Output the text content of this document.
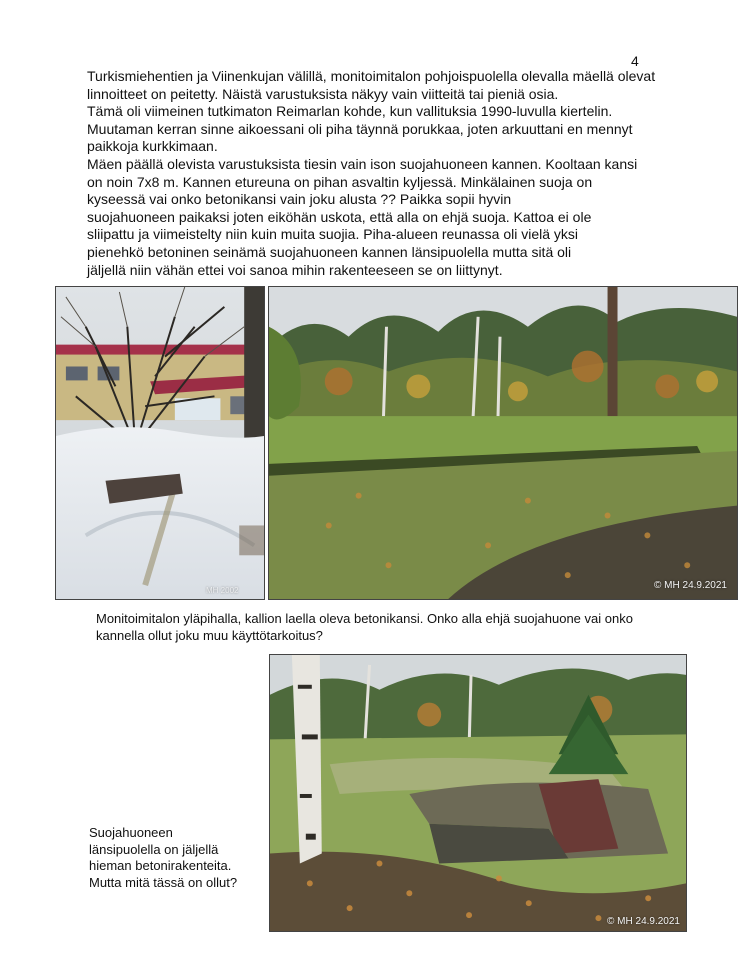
4

Turkismiehentien ja Viinenkujan välillä, monitoimitalon pohjoispuolella olevalla mäellä olevat
linnoitteet on peitetty. Näistä varustuksista näkyy vain viitteitä tai pieniä osia.
Tämä oli viimeinen tutkimaton Reimarlan kohde, kun vallituksia 1990-luvulla kiertelin.
Muutaman kerran sinne aikoessani oli piha täynnä porukkaa, joten arkuuttani en mennyt
paikkoja kurkkimaan.
Mäen päällä olevista varustuksista tiesin vain ison suojahuoneen kannen. Kooltaan kansi
on noin 7x8 m. Kannen etureuna on pihan asvaltin kyljessä. Minkälainen suoja on
kyseessä vai onko betonikansi vain joku alusta ?? Paikka sopii hyvin
suojahuoneen paikaksi joten eiköhän uskota, että alla on ehjä suoja. Kattoa ei ole
sliipattu ja viimeistelty niin kuin muita suojia. Piha-alueen reunassa oli vielä yksi
pienehkö betoninen seinämä suojahuoneen kannen länsipuolella mutta sitä oli
jäljellä niin vähän ettei voi sanoa mihin rakenteeseen se on liittynyt.

MH 2002	© MH 24.9.2021

Monitoimitalon yläpihalla, kallion laella oleva betonikansi. Onko alla ehjä suojahuone vai onko
kannella ollut joku muu käyttötarkoitus?

Suojahuoneen
länsipuolella on jäljellä
hieman betonirakenteita.
Mutta mitä tässä on ollut?

© MH 24.9.2021
